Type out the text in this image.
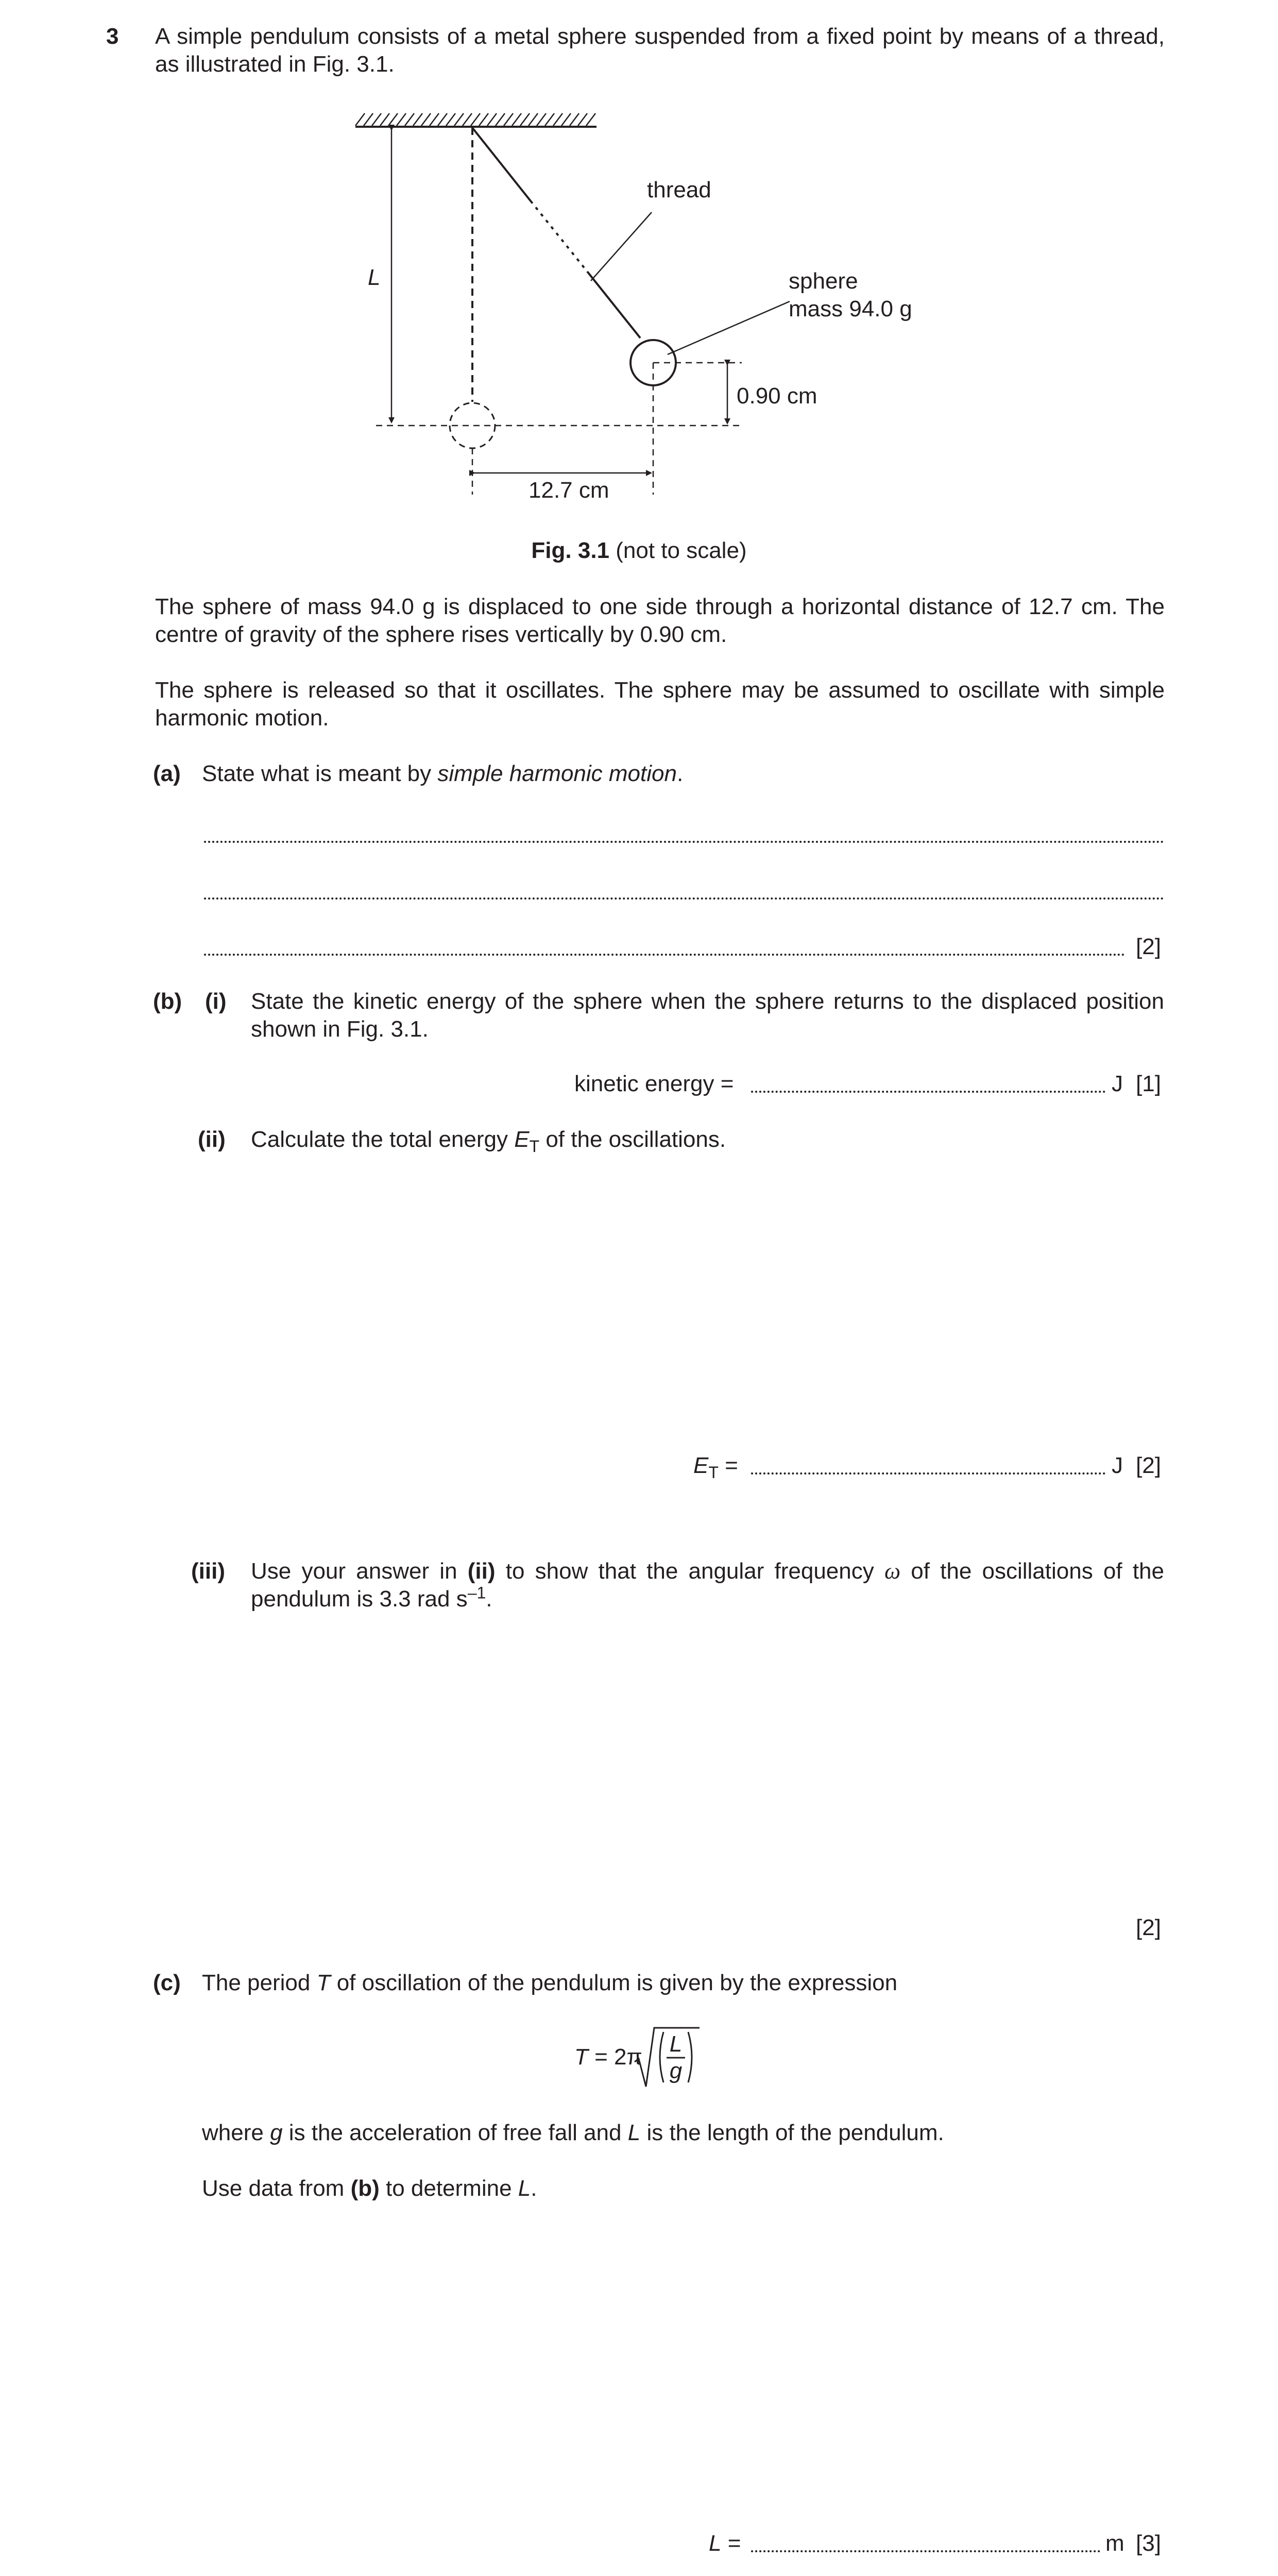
3 A simple pendulum consists of a metal sphere suspended from a fixed point by means of a thread, as illustrated in Fig. 3.1.
L
thread
sphere
mass 94.0 g
0.90 cm
12.7 cm
Fig. 3.1 (not to scale)
The sphere of mass 94.0 g is displaced to one side through a horizontal distance of 12.7 cm. The centre of gravity of the sphere rises vertically by 0.90 cm.
The sphere is released so that it oscillates. The sphere may be assumed to oscillate with simple harmonic motion.
(a) State what is meant by simple harmonic motion.
[2]
(b) (i) State the kinetic energy of the sphere when the sphere returns to the displaced position shown in Fig. 3.1.
kinetic energy =	J [1]
(ii) Calculate the total energy $E_T$ of the oscillations.
$E_T$ =	J [2]
(iii) Use your answer in (ii) to show that the angular frequency ω of the oscillations of the pendulum is 3.3 rad $s^{-1}$.
[2]
(c) The period T of oscillation of the pendulum is given by the expression
T = 2π
L
g
where g is the acceleration of free fall and L is the length of the pendulum.
Use data from (b) to determine L.
L =	m [3]
